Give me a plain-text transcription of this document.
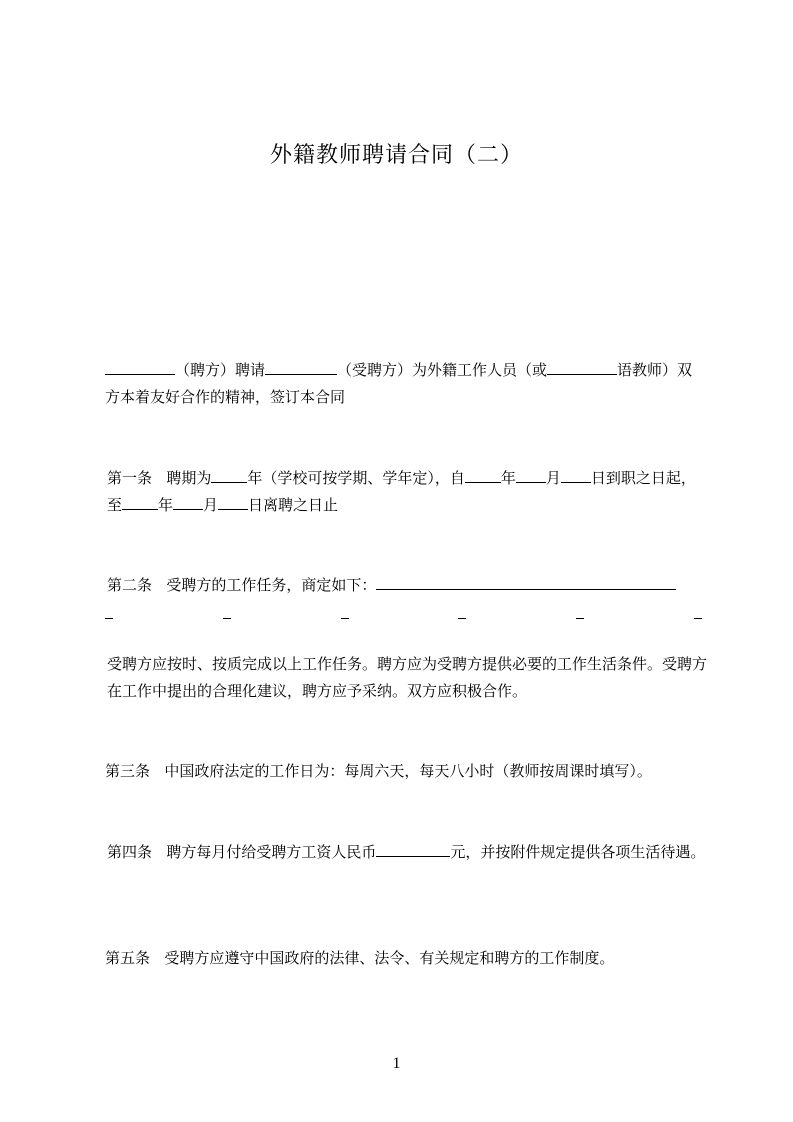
外籍教师聘请合同（二）

（聘方）聘请	（受聘方）为外籍工作人员（或	语教师）双方本着友好合作的精神，签订本合同

第一条 聘期为 年（学校可按学期、学年定），自 年 月 日到职之日起，至 年 月 日离聘之日止

第二条 受聘方的工作任务，商定如下：

受聘方应按时、按质完成以上工作任务。聘方应为受聘方提供必要的工作生活条件。受聘方在工作中提出的合理化建议，聘方应予采纳。双方应积极合作。

第三条 中国政府法定的工作日为：每周六天，每天八小时（教师按周课时填写）。

第四条 聘方每月付给受聘方工资人民币	元，并按附件规定提供各项生活待遇。

第五条 受聘方应遵守中国政府的法律、法令、有关规定和聘方的工作制度。

1
